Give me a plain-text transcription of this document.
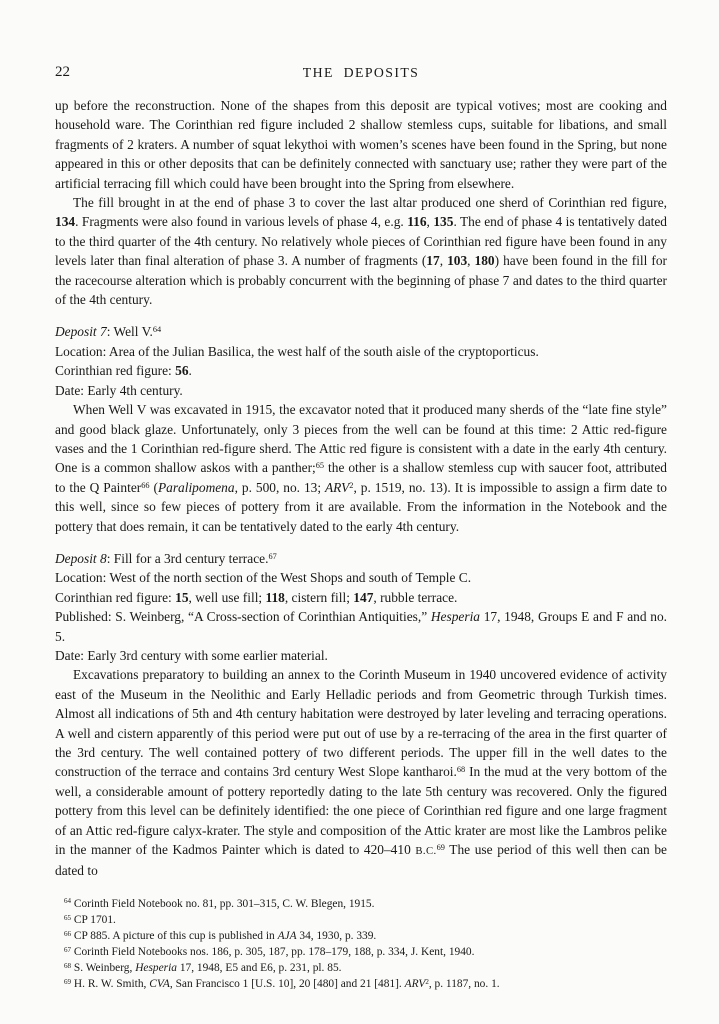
22	THE DEPOSITS

up before the reconstruction. None of the shapes from this deposit are typical votives; most are cooking and household ware. The Corinthian red figure included 2 shallow stemless cups, suitable for libations, and small fragments of 2 kraters. A number of squat lekythoi with women’s scenes have been found in the Spring, but none appeared in this or other deposits that can be definitely connected with sanctuary use; rather they were part of the artificial terracing fill which could have been brought into the Spring from elsewhere.

The fill brought in at the end of phase 3 to cover the last altar produced one sherd of Corinthian red figure, 134. Fragments were also found in various levels of phase 4, e.g. 116, 135. The end of phase 4 is tentatively dated to the third quarter of the 4th century. No relatively whole pieces of Corinthian red figure have been found in any levels later than final alteration of phase 3. A number of fragments (17, 103, 180) have been found in the fill for the racecourse alteration which is probably concurrent with the beginning of phase 7 and dates to the third quarter of the 4th century.

Deposit 7: Well V.$^{64}$

Location: Area of the Julian Basilica, the west half of the south aisle of the cryptoporticus.

Corinthian red figure: 56.

Date: Early 4th century.

When Well V was excavated in 1915, the excavator noted that it produced many sherds of the “late fine style” and good black glaze. Unfortunately, only 3 pieces from the well can be found at this time: 2 Attic red-figure vases and the 1 Corinthian red-figure sherd. The Attic red figure is consistent with a date in the early 4th century. One is a common shallow askos with a panther;$^{65}$ the other is a shallow stemless cup with saucer foot, attributed to the Q Painter$^{66}$ (Paralipomena, p. 500, no. 13; ARV$^2$, p. 1519, no. 13). It is impossible to assign a firm date to this well, since so few pieces of pottery from it are available. From the information in the Notebook and the pottery that does remain, it can be tentatively dated to the early 4th century.

Deposit 8: Fill for a 3rd century terrace.$^{67}$

Location: West of the north section of the West Shops and south of Temple C.

Corinthian red figure: 15, well use fill; 118, cistern fill; 147, rubble terrace.

Published: S. Weinberg, “A Cross-section of Corinthian Antiquities,” Hesperia 17, 1948, Groups E and F and no. 5.

Date: Early 3rd century with some earlier material.

Excavations preparatory to building an annex to the Corinth Museum in 1940 uncovered evidence of activity east of the Museum in the Neolithic and Early Helladic periods and from Geometric through Turkish times. Almost all indications of 5th and 4th century habitation were destroyed by later leveling and terracing operations. A well and cistern apparently of this period were put out of use by a re-terracing of the area in the first quarter of the 3rd century. The well contained pottery of two different periods. The upper fill in the well dates to the construction of the terrace and contains 3rd century West Slope kantharoi.$^{68}$ In the mud at the very bottom of the well, a considerable amount of pottery reportedly dating to the late 5th century was recovered. Only the figured pottery from this level can be definitely identified: the one piece of Corinthian red figure and one large fragment of an Attic red-figure calyx-krater. The style and composition of the Attic krater are most like the Lambros pelike in the manner of the Kadmos Painter which is dated to 420–410 B.C.$^{69}$ The use period of this well then can be dated to

$^{64}$ Corinth Field Notebook no. 81, pp. 301–315, C. W. Blegen, 1915.

$^{65}$ CP 1701.

$^{66}$ CP 885. A picture of this cup is published in AJA 34, 1930, p. 339.

$^{67}$ Corinth Field Notebooks nos. 186, p. 305, 187, pp. 178–179, 188, p. 334, J. Kent, 1940.

$^{68}$ S. Weinberg, Hesperia 17, 1948, E5 and E6, p. 231, pl. 85.

$^{69}$ H. R. W. Smith, CVA, San Francisco 1 [U.S. 10], 20 [480] and 21 [481]. ARV$^2$, p. 1187, no. 1.
